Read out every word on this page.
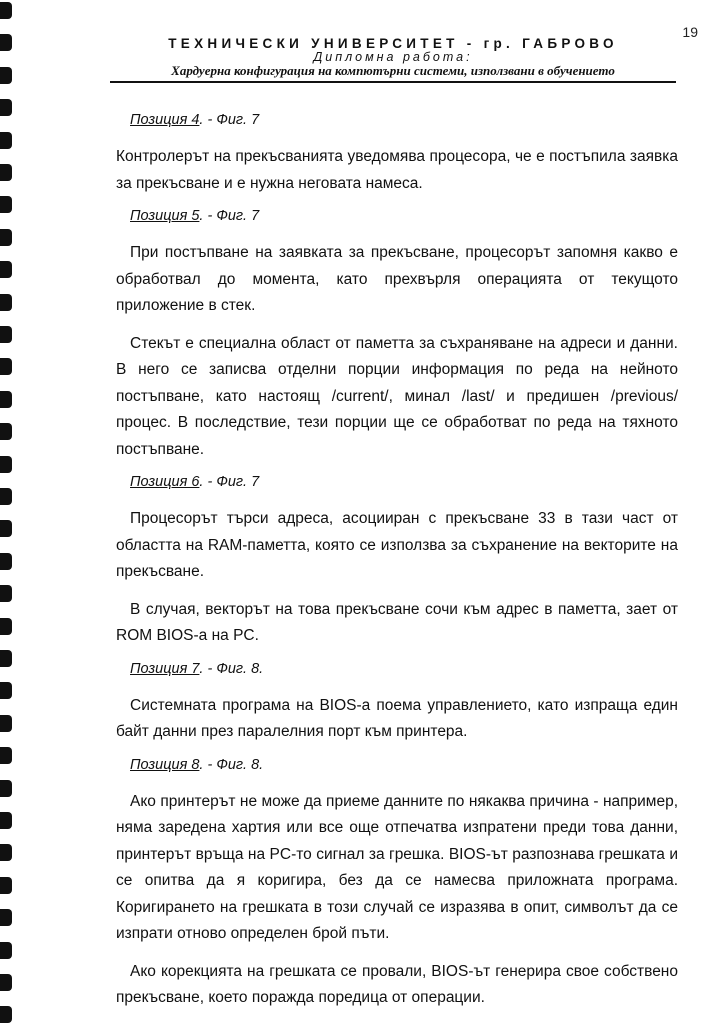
19
ТЕХНИЧЕСКИ УНИВЕРСИТЕТ - гр. ГАБРОВО
Дипломна работа:
Хардуерна конфигурация на компютърни системи, използвани в обучението
Позиция 4. - Фиг. 7

Контролерът на прекъсванията уведомява процесора, че е постъпила заявка за прекъсване и е нужна неговата намеса.

Позиция 5. - Фиг. 7

При постъпване на заявката за прекъсване, процесорът запомня какво е обработвал до момента, като прехвърля операцията от текущото приложение в стек.

Стекът е специална област от паметта за съхраняване на адреси и данни. В него се записва отделни порции информация по реда на нейното постъпване, като настоящ /current/, минал /last/ и предишен /previous/ процес. В последствие, тези порции ще се обработват по реда на тяхното постъпване.

Позиция 6. - Фиг. 7

Процесорът търси адреса, асоцииран с прекъсване 33 в тази част от областта на RAM-паметта, която се използва за съхранение на векторите на прекъсване.

В случая, векторът на това прекъсване сочи към адрес в паметта, зает от ROM BIOS-а на PC.

Позиция 7. - Фиг. 8.

Системната програма на BIOS-а поема управлението, като изпраща един байт данни през паралелния порт към принтера.

Позиция 8. - Фиг. 8.

Ако принтерът не може да приеме данните по някаква причина - например, няма заредена хартия или все още отпечатва изпратени преди това данни, принтерът връща на PC-то сигнал за грешка. BIOS-ът разпознава грешката и се опитва да я коригира, без да се намесва приложната програма. Коригирането на грешката в този случай се изразява в опит, символът да се изпрати отново определен брой пъти.

Ако корекцията на грешката се провали, BIOS-ът генерира свое собствено прекъсване, което поражда поредица от операции.
